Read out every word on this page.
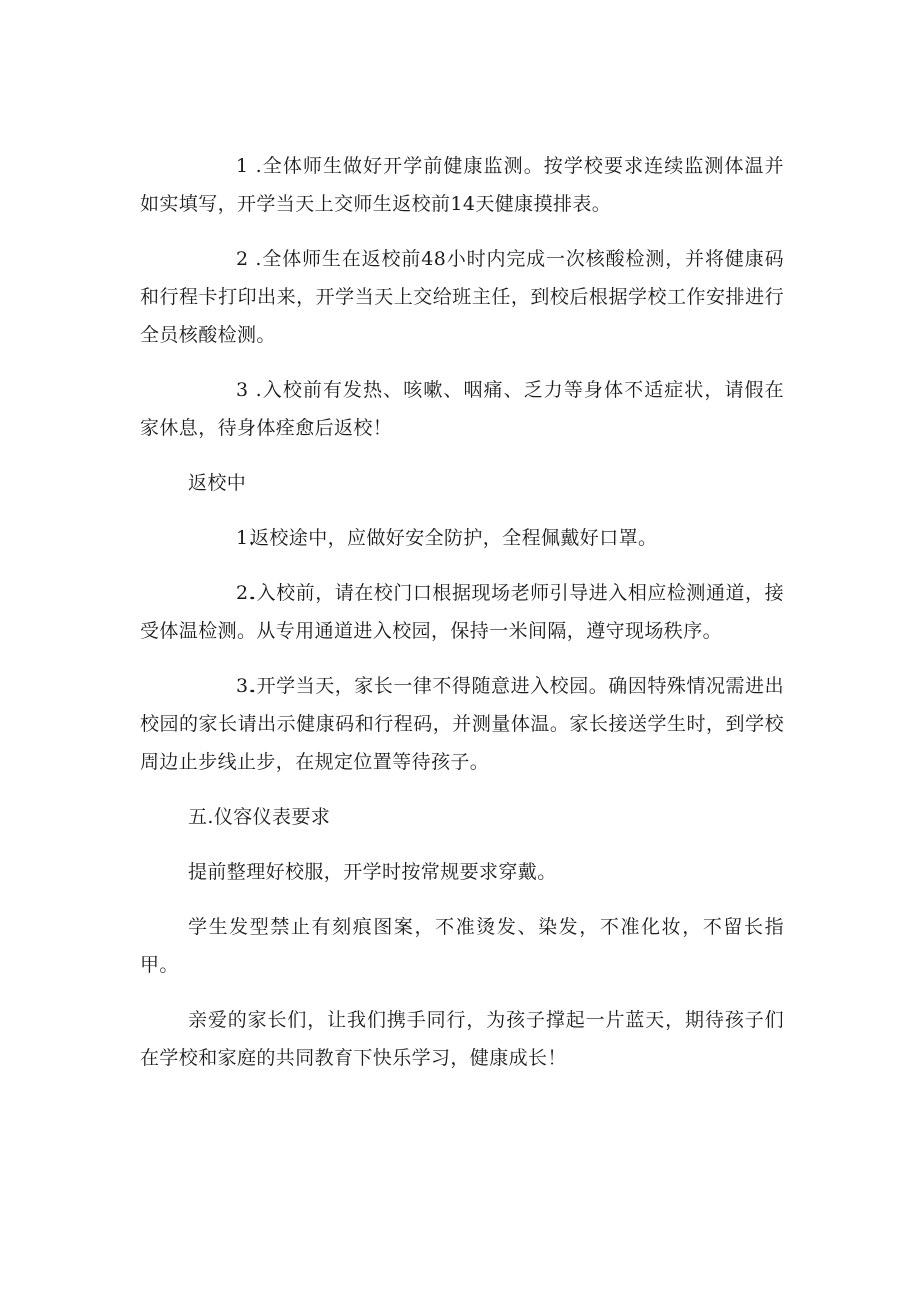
1 .全体师生做好开学前健康监测。按学校要求连续监测体温并如实填写，开学当天上交师生返校前14天健康摸排表。

2 .全体师生在返校前48小时内完成一次核酸检测，并将健康码和行程卡打印出来，开学当天上交给班主任，到校后根据学校工作安排进行全员核酸检测。

3 .入校前有发热、咳嗽、咽痛、乏力等身体不适症状，请假在家休息，待身体痊愈后返校！

返校中

1.返校途中，应做好安全防护，全程佩戴好口罩。

2..入校前，请在校门口根据现场老师引导进入相应检测通道，接受体温检测。从专用通道进入校园，保持一米间隔，遵守现场秩序。

3..开学当天，家长一律不得随意进入校园。确因特殊情况需进出校园的家长请出示健康码和行程码，并测量体温。家长接送学生时，到学校周边止步线止步，在规定位置等待孩子。

五.仪容仪表要求

提前整理好校服，开学时按常规要求穿戴。

学生发型禁止有刻痕图案，不准烫发、染发，不准化妆，不留长指甲。

亲爱的家长们，让我们携手同行，为孩子撑起一片蓝天，期待孩子们在学校和家庭的共同教育下快乐学习，健康成长！
